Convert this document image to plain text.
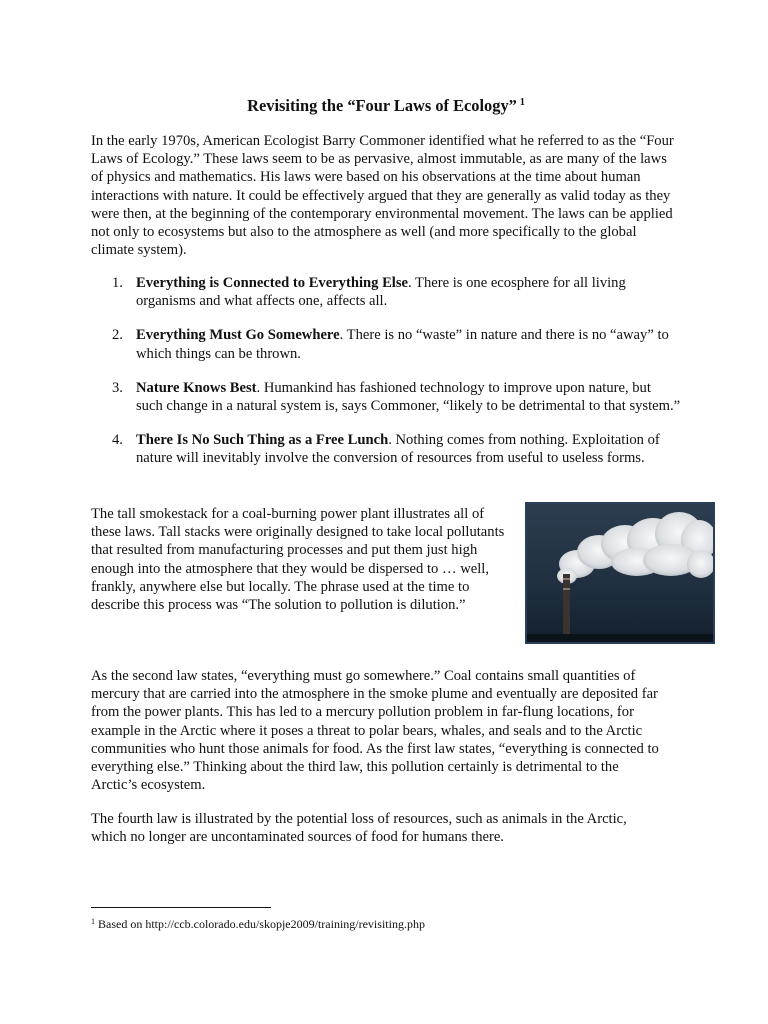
Revisiting the “Four Laws of Ecology” $^1$

In the early 1970s, American Ecologist Barry Commoner identified what he referred to as the “Four Laws of Ecology.” These laws seem to be as pervasive, almost immutable, as are many of the laws of physics and mathematics. His laws were based on his observations at the time about human interactions with nature. It could be effectively argued that they are generally as valid today as they were then, at the beginning of the contemporary environmental movement. The laws can be applied not only to ecosystems but also to the atmosphere as well (and more specifically to the global climate system).

1. Everything is Connected to Everything Else. There is one ecosphere for all living organisms and what affects one, affects all.
2. Everything Must Go Somewhere. There is no “waste” in nature and there is no “away” to which things can be thrown.
3. Nature Knows Best. Humankind has fashioned technology to improve upon nature, but such change in a natural system is, says Commoner, “likely to be detrimental to that system.”
4. There Is No Such Thing as a Free Lunch. Nothing comes from nothing. Exploitation of nature will inevitably involve the conversion of resources from useful to useless forms.

The tall smokestack for a coal-burning power plant illustrates all of these laws. Tall stacks were originally designed to take local pollutants that resulted from manufacturing processes and put them just high enough into the atmosphere that they would be dispersed to … well, frankly, anywhere else but locally. The phrase used at the time to describe this process was “The solution to pollution is dilution.”

As the second law states, “everything must go somewhere.” Coal contains small quantities of mercury that are carried into the atmosphere in the smoke plume and eventually are deposited far from the power plants. This has led to a mercury pollution problem in far-flung locations, for example in the Arctic where it poses a threat to polar bears, whales, and seals and to the Arctic communities who hunt those animals for food. As the first law states, “everything is connected to everything else.” Thinking about the third law, this pollution certainly is detrimental to the Arctic’s ecosystem.

The fourth law is illustrated by the potential loss of resources, such as animals in the Arctic, which no longer are uncontaminated sources of food for humans there.

$^1$ Based on http://ccb.colorado.edu/skopje2009/training/revisiting.php
